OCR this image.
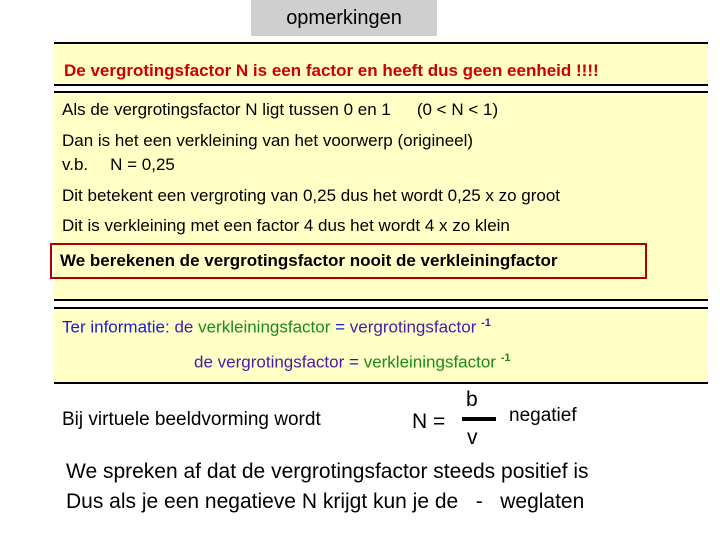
opmerkingen
De vergrotingsfactor N is een factor en heeft dus geen eenheid !!!!
Als de vergrotingsfactor N ligt tussen 0 en 1 (0 < N < 1)
Dan is het een verkleining van het voorwerp (origineel)
v.b. N = 0,25
Dit betekent een vergroting van 0,25 dus het wordt 0,25 x zo groot
Dit is verkleining met een factor 4 dus het wordt 4 x zo klein
We berekenen de vergrotingsfactor nooit de verkleiningfactor
Ter informatie: de verkleiningsfactor = vergrotingsfactor $^{-1}$
de vergrotingsfactor = verkleiningsfactor $^{-1}$
Bij virtuele beeldvorming wordt	N =
b
v
negatief
We spreken af dat de vergrotingsfactor steeds positief is
Dus als je een negatieve N krijgt kun je de   -   weglaten
